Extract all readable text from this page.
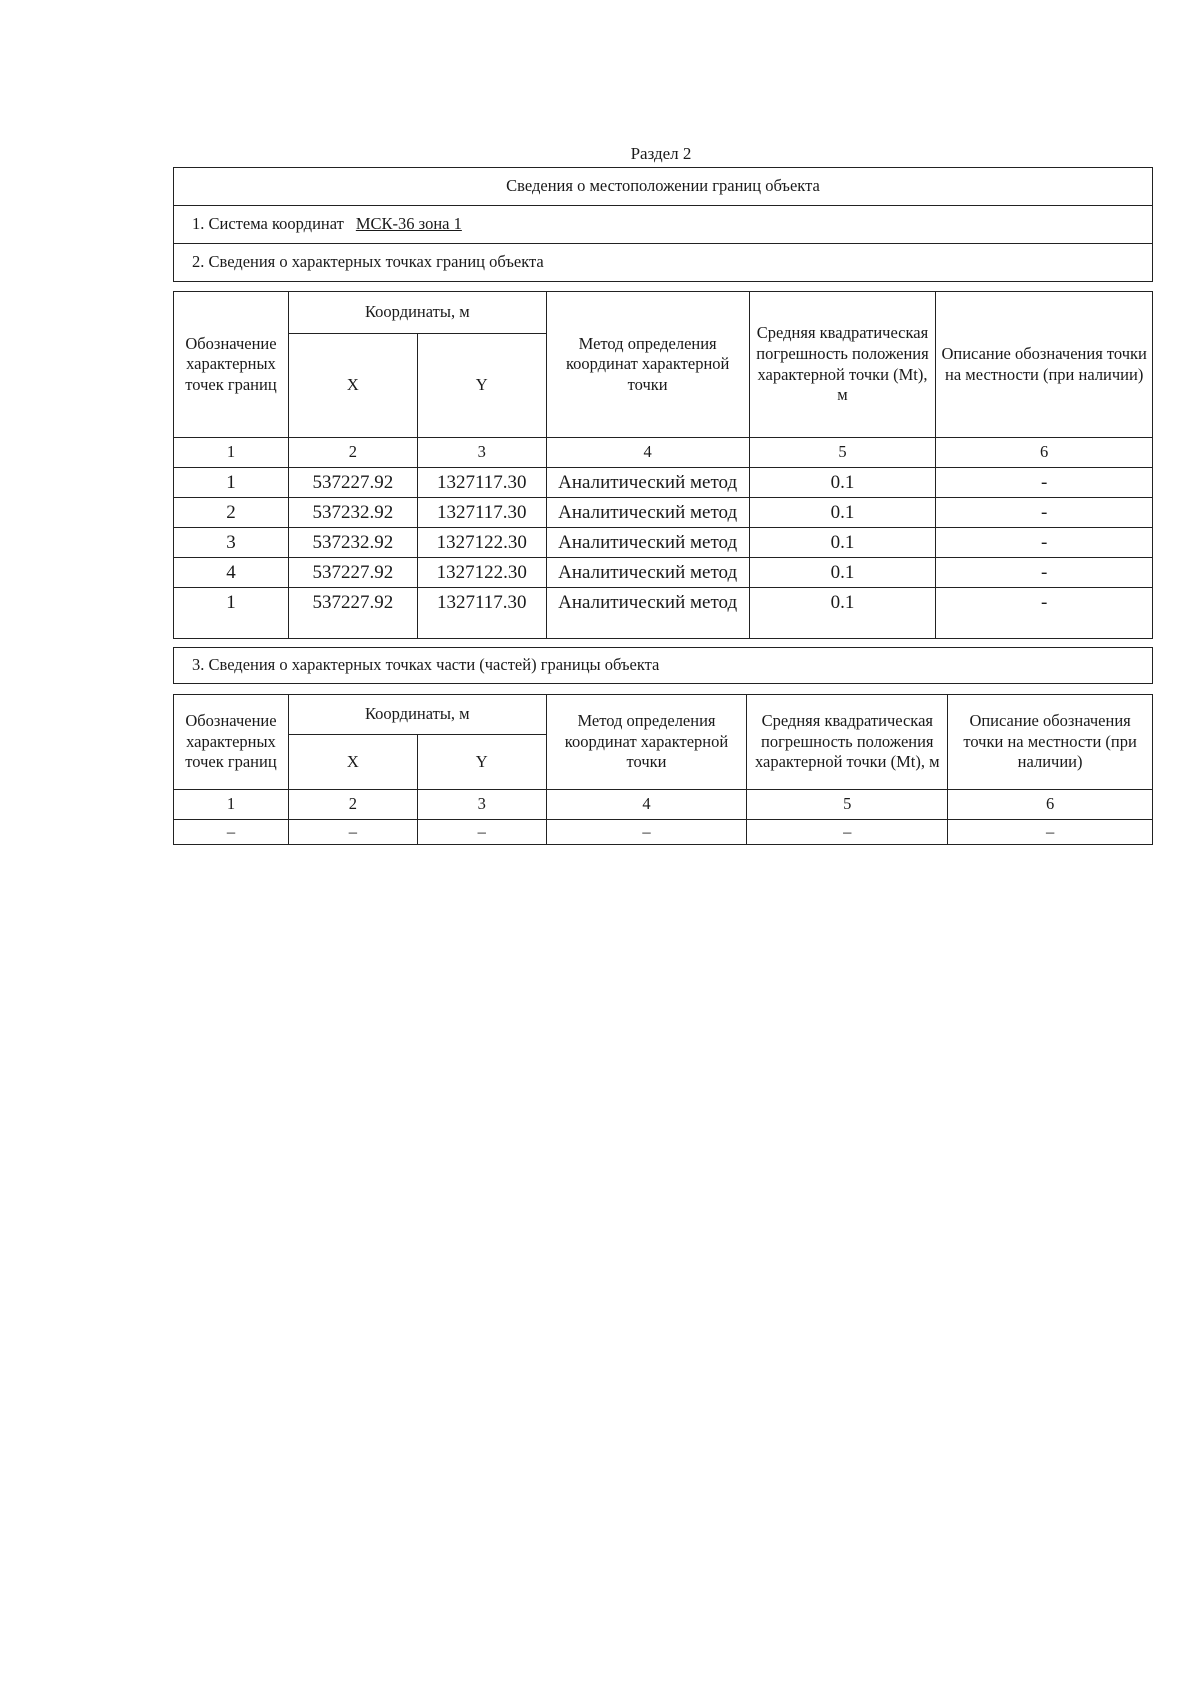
Раздел 2
Сведения о местоположении границ объекта
1. Система координат МСК-36 зона 1
2. Сведения о характерных точках границ объекта
Обозначение характерных точек границ	Координаты, м		Метод определения координат характерной точки	Средняя квадратическая погрешность положения характерной точки (Mt), м	Описание обозначения точки на местности (при наличии)
	X	Y			
1	2	3	4	5	6
1	537227.92	1327117.30	Аналитический метод	0.1	-
2	537232.92	1327117.30	Аналитический метод	0.1	-
3	537232.92	1327122.30	Аналитический метод	0.1	-
4	537227.92	1327122.30	Аналитический метод	0.1	-
1	537227.92	1327117.30	Аналитический метод	0.1	-
3. Сведения о характерных точках части (частей) границы объекта
Обозначение характерных точек границ	Координаты, м		Метод определения координат характерной точки	Средняя квадратическая погрешность положения характерной точки (Mt), м	Описание обозначения точки на местности (при наличии)
	X	Y			
1	2	3	4	5	6
–	–	–	–	–	–
